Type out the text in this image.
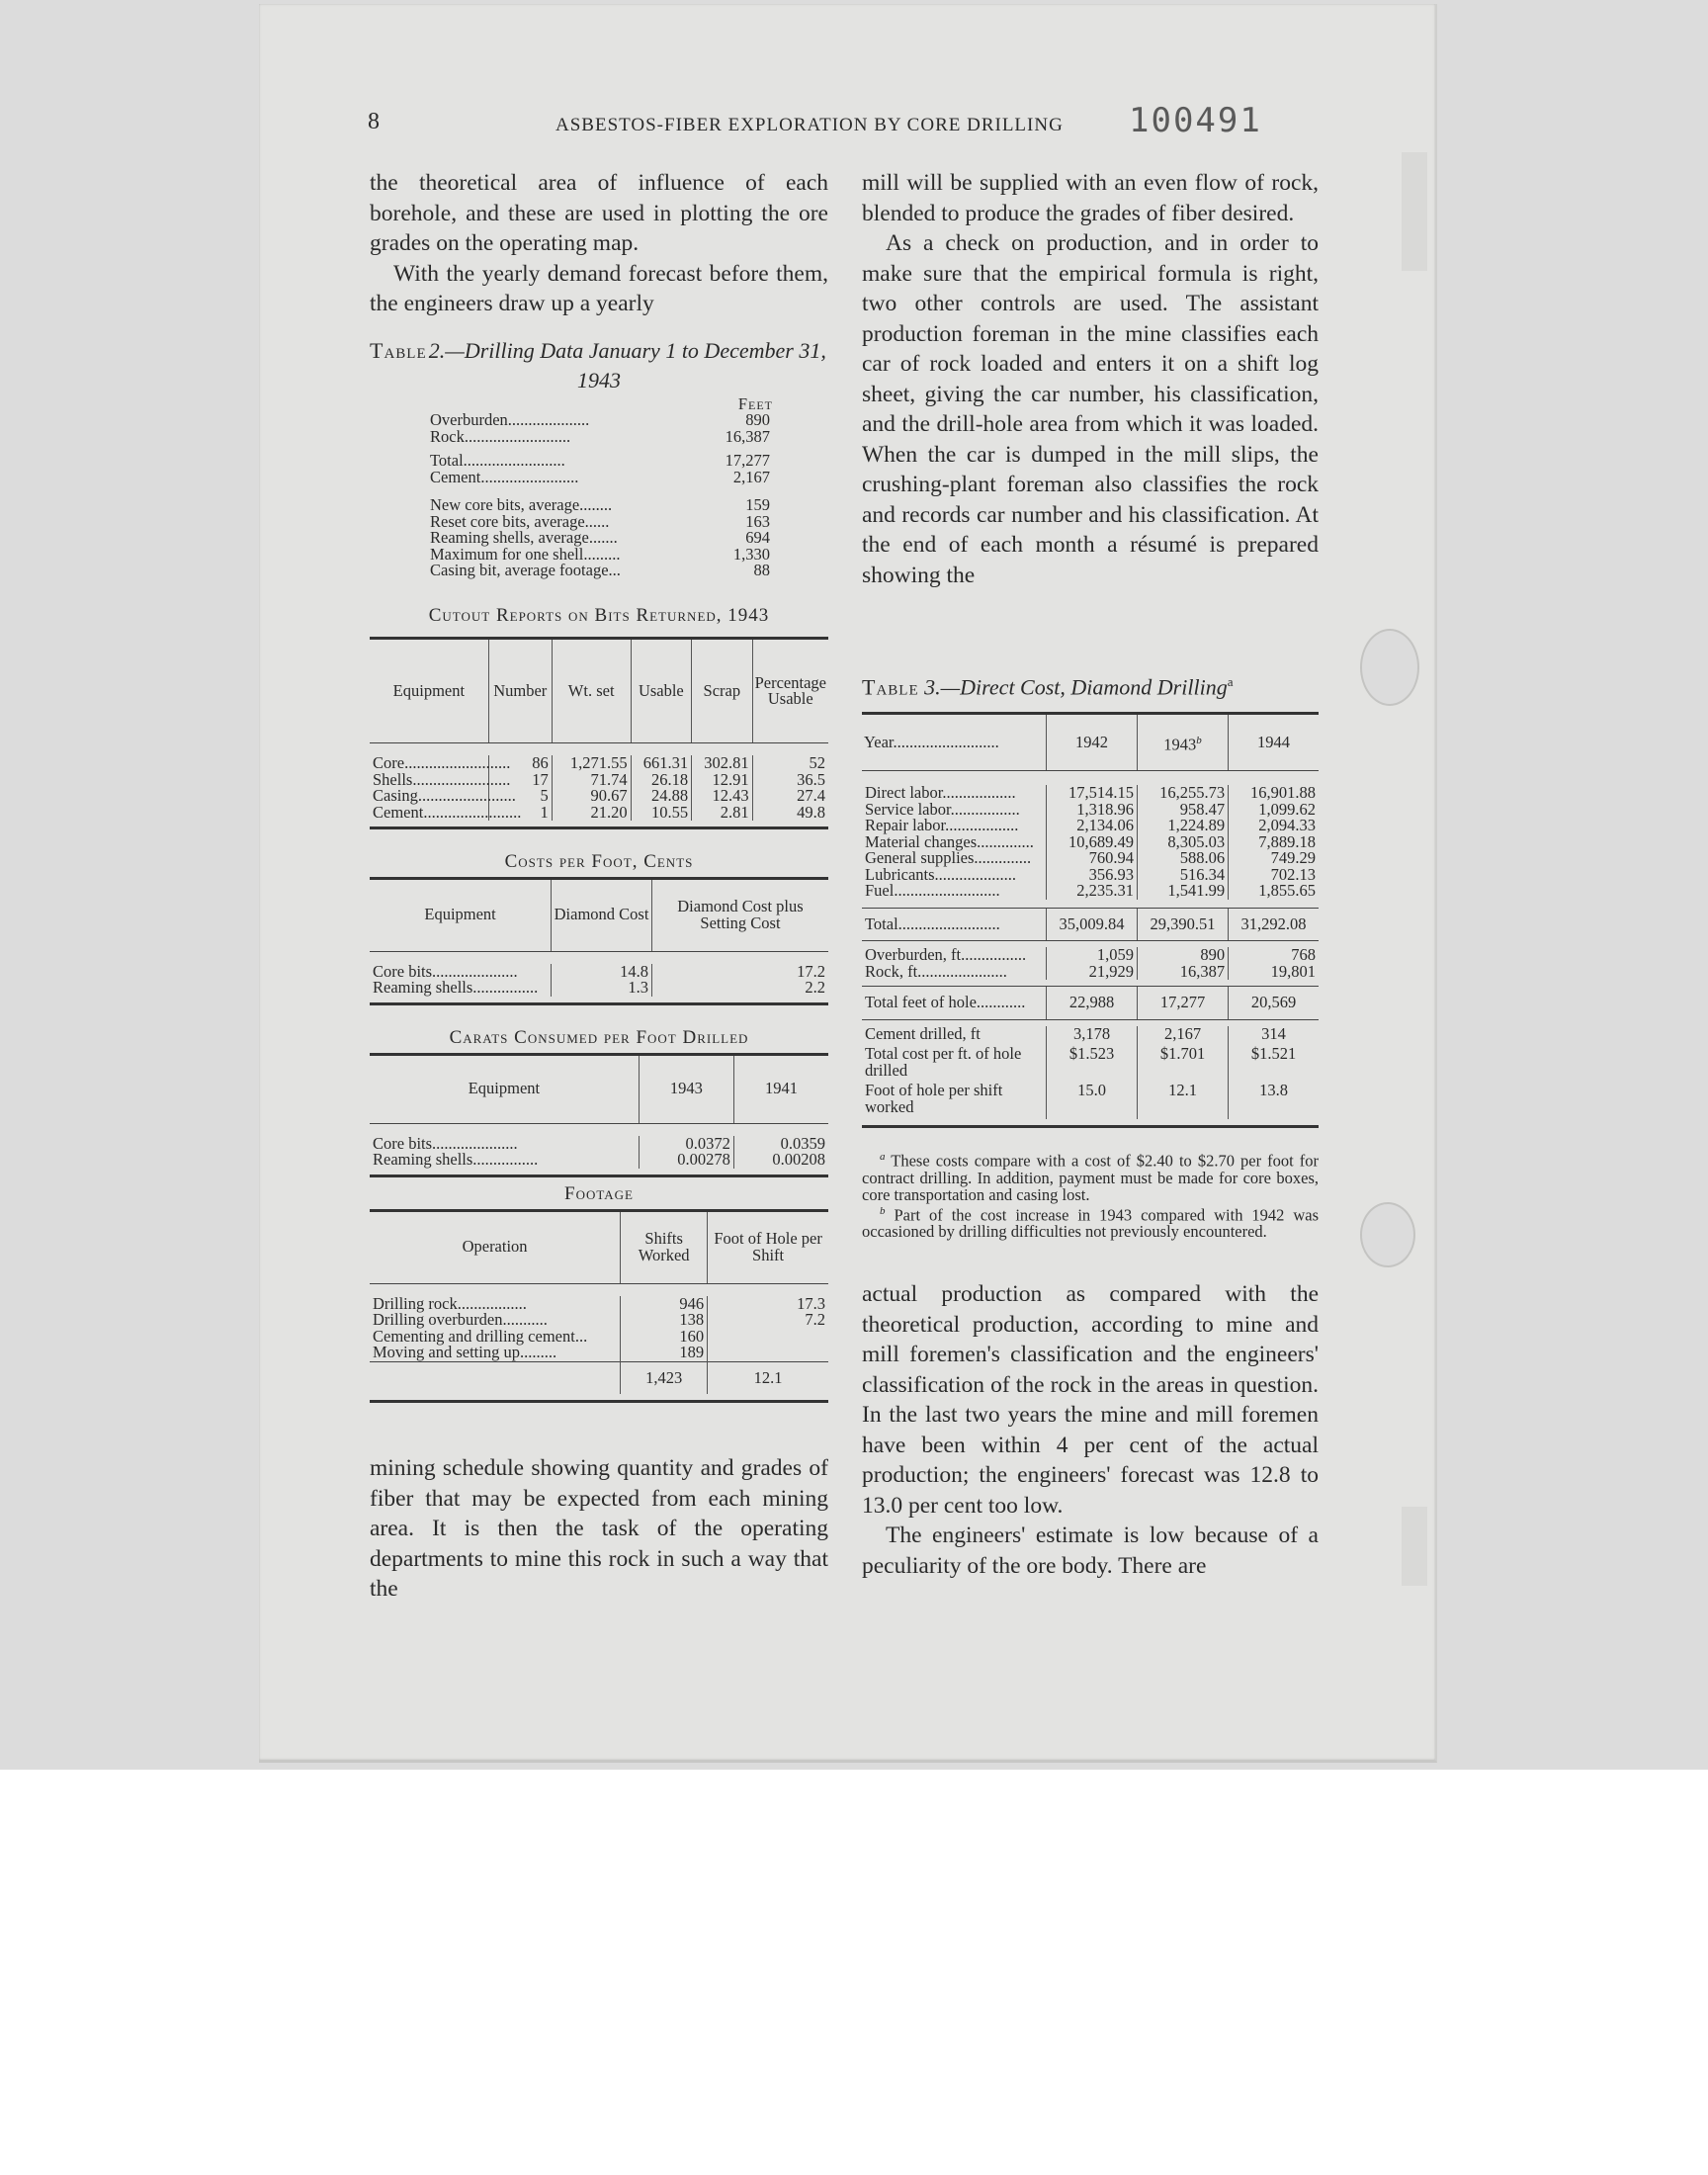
8	ASBESTOS-FIBER EXPLORATION BY CORE DRILLING 100491

the theoretical area of influence of each borehole, and these are used in plotting the ore grades on the operating map.

With the yearly demand forecast before them, the engineers draw up a yearly

Table 2.—Drilling Data January 1 to December 31, 1943
Feet
Overburden....................	890
Rock..........................	16,387
Total.........................	17,277
Cement........................	2,167
New core bits, average........	159
Reset core bits, average......	163
Reaming shells, average.......	694
Maximum for one shell.........	1,330
Casing bit, average footage...	88
Cutout Reports on Bits Returned, 1943
Equipment	Number	Wt. set	Usable	Scrap	Percentage Usable

Core..........................	86	1,271.55	661.31	302.81	52
Shells........................	17	71.74	26.18	12.91	36.5
Casing........................	5	90.67	24.88	12.43	27.4
Cement........................	1	21.20	10.55	2.81	49.8

Costs per Foot, Cents		
Equipment	Diamond Cost	Diamond Cost plus Setting Cost

Core bits.....................	14.8	17.2
Reaming shells................	1.3	2.2

Carats Consumed per Foot Drilled		
Equipment	1943	1941

Core bits.....................	0.0372	0.0359
Reaming shells................	0.00278	0.00208

Footage		
Operation	Shifts Worked	Foot of Hole per Shift

Drilling rock.................	946	17.3
Drilling overburden...........	138	7.2
Cementing and drilling cement...	160	
Moving and setting up.........	189	
	1,423	12.1

mining schedule showing quantity and grades of fiber that may be expected from each mining area. It is then the task of the operating departments to mine this rock in such a way that the

mill will be supplied with an even flow of rock, blended to produce the grades of fiber desired.

As a check on production, and in order to make sure that the empirical formula is right, two other controls are used. The assistant production foreman in the mine classifies each car of rock loaded and enters it on a shift log sheet, giving the car number, his classification, and the drill-hole area from which it was loaded. When the car is dumped in the mill slips, the crushing-plant foreman also classifies the rock and records car number and his classification. At the end of each month a résumé is prepared showing the

Table 3.—Direct Cost, Diamond Drilling$^a$
Year..........................	1942	1943$^b$	1944

Direct labor..................	17,514.15	16,255.73	16,901.88
Service labor.................	1,318.96	958.47	1,099.62
Repair labor..................	2,134.06	1,224.89	2,094.33
Material changes..............	10,689.49	8,305.03	7,889.18
General supplies..............	760.94	588.06	749.29
Lubricants....................	356.93	516.34	702.13
Fuel..........................	2,235.31	1,541.99	1,855.65

Total.........................	35,009.84	29,390.51	31,292.08

Overburden, ft................	1,059	890	768
Rock, ft......................	21,929	16,387	19,801

Total feet of hole............	22,988	17,277	20,569

Cement drilled, ft	3,178	2,167	314
Total cost per ft. of hole drilled	$1.523	$1.701	$1.521
Foot of hole per shift worked	15.0	12.1	13.8

$^a$ These costs compare with a cost of $2.40 to $2.70 per foot for contract drilling. In addition, payment must be made for core boxes, core transportation and casing lost.
$^b$ Part of the cost increase in 1943 compared with 1942 was occasioned by drilling difficulties not previously encountered.

actual production as compared with the theoretical production, according to mine and mill foremen's classification and the engineers' classification of the rock in the areas in question. In the last two years the mine and mill foremen have been within 4 per cent of the actual production; the engineers' forecast was 12.8 to 13.0 per cent too low.

The engineers' estimate is low because of a peculiarity of the ore body. There are
